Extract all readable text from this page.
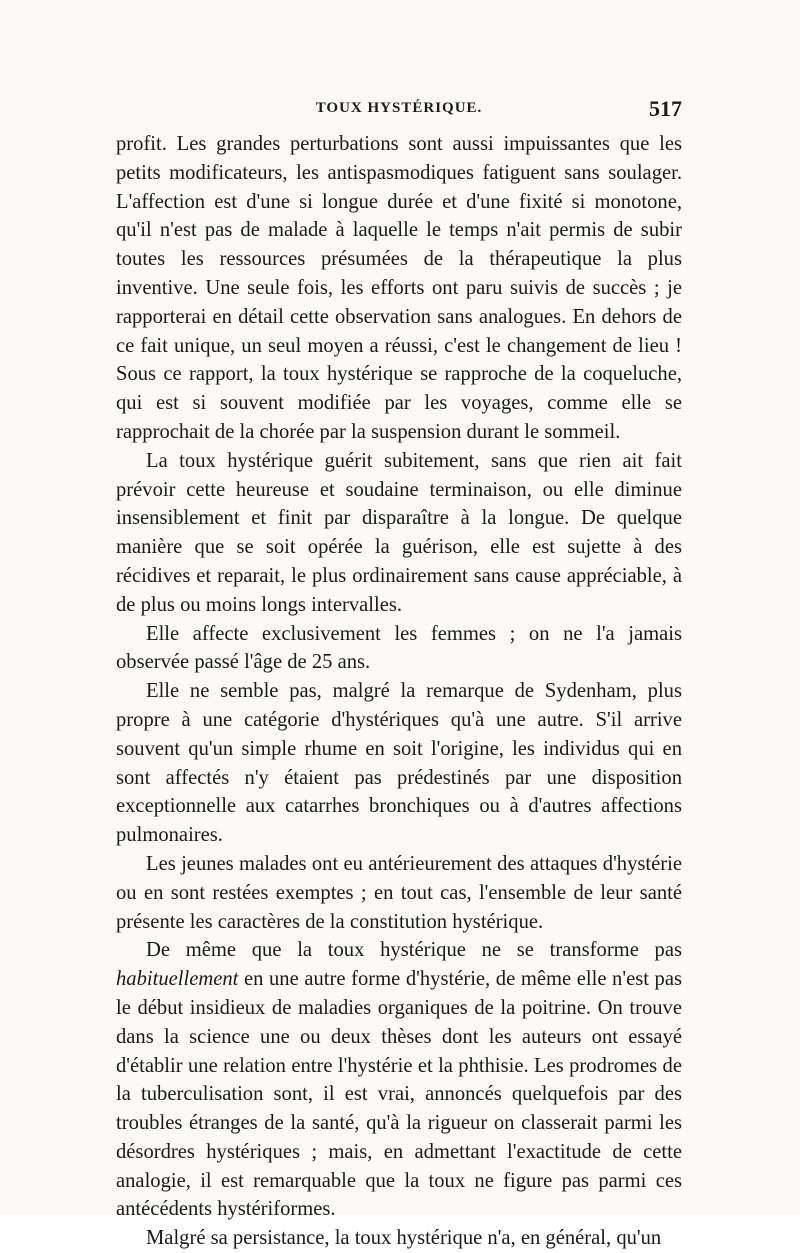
TOUX HYSTÉRIQUE.	517

profit. Les grandes perturbations sont aussi impuissantes que les petits modificateurs, les antispasmodiques fatiguent sans soulager. L'affection est d'une si longue durée et d'une fixité si monotone, qu'il n'est pas de malade à laquelle le temps n'ait permis de subir toutes les ressources présumées de la thérapeutique la plus inventive. Une seule fois, les efforts ont paru suivis de succès ; je rapporterai en détail cette observation sans analogues. En dehors de ce fait unique, un seul moyen a réussi, c'est le changement de lieu ! Sous ce rapport, la toux hystérique se rapproche de la coqueluche, qui est si souvent modifiée par les voyages, comme elle se rapprochait de la chorée par la suspension durant le sommeil.

La toux hystérique guérit subitement, sans que rien ait fait prévoir cette heureuse et soudaine terminaison, ou elle diminue insensiblement et finit par disparaître à la longue. De quelque manière que se soit opérée la guérison, elle est sujette à des récidives et reparait, le plus ordinairement sans cause appréciable, à de plus ou moins longs intervalles.

Elle affecte exclusivement les femmes ; on ne l'a jamais observée passé l'âge de 25 ans.

Elle ne semble pas, malgré la remarque de Sydenham, plus propre à une catégorie d'hystériques qu'à une autre. S'il arrive souvent qu'un simple rhume en soit l'origine, les individus qui en sont affectés n'y étaient pas prédestinés par une disposition exceptionnelle aux catarrhes bronchiques ou à d'autres affections pulmonaires.

Les jeunes malades ont eu antérieurement des attaques d'hystérie ou en sont restées exemptes ; en tout cas, l'ensemble de leur santé présente les caractères de la constitution hystérique.

De même que la toux hystérique ne se transforme pas habituellement en une autre forme d'hystérie, de même elle n'est pas le début insidieux de maladies organiques de la poitrine. On trouve dans la science une ou deux thèses dont les auteurs ont essayé d'établir une relation entre l'hystérie et la phthisie. Les prodromes de la tuberculisation sont, il est vrai, annoncés quelquefois par des troubles étranges de la santé, qu'à la rigueur on classerait parmi les désordres hystériques ; mais, en admettant l'exactitude de cette analogie, il est remarquable que la toux ne figure pas parmi ces antécédents hystériformes.

Malgré sa persistance, la toux hystérique n'a, en général, qu'un
